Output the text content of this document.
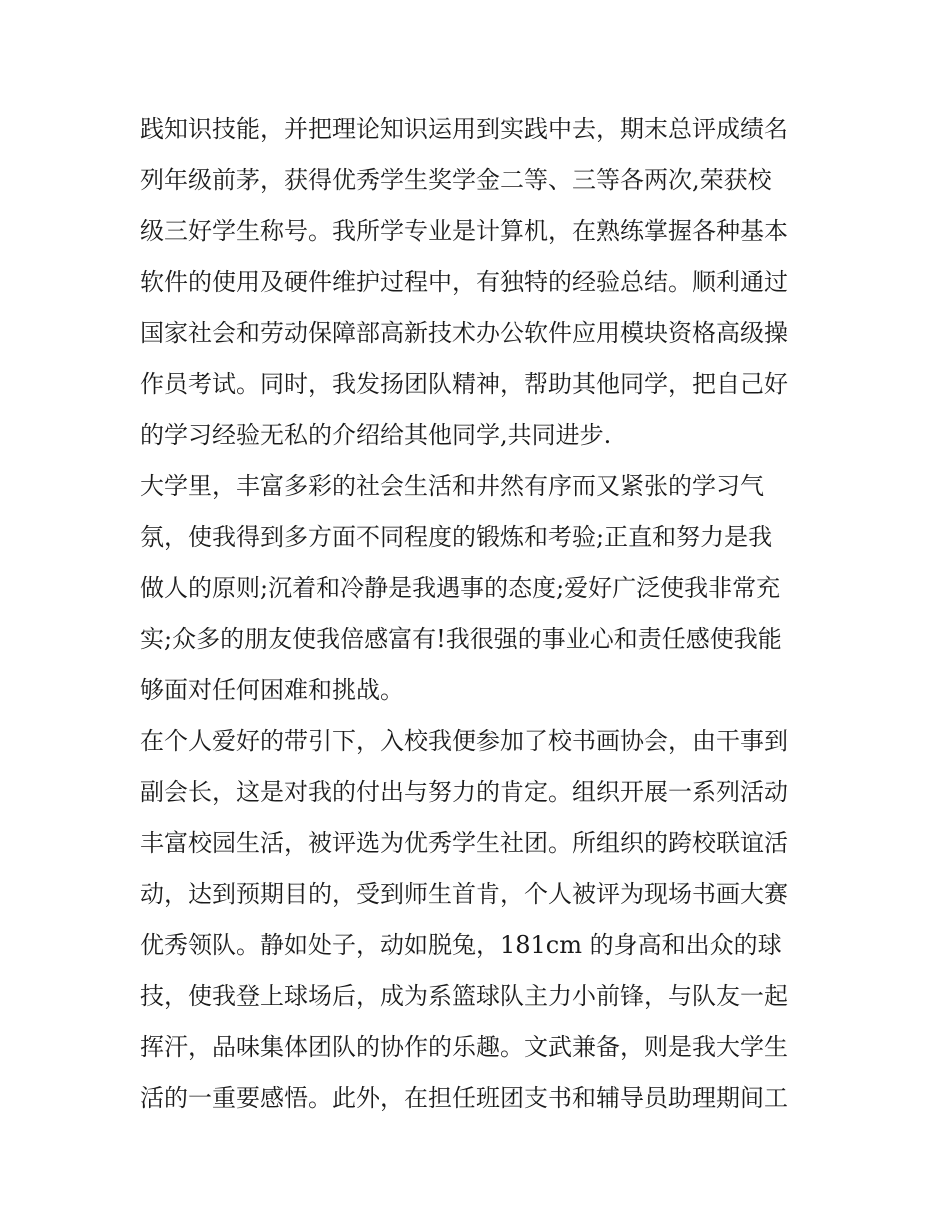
践知识技能，并把理论知识运用到实践中去，期末总评成绩名
列年级前茅，获得优秀学生奖学金二等、三等各两次,荣获校
级三好学生称号。我所学专业是计算机，在熟练掌握各种基本
软件的使用及硬件维护过程中，有独特的经验总结。顺利通过
国家社会和劳动保障部高新技术办公软件应用模块资格高级操
作员考试。同时，我发扬团队精神，帮助其他同学，把自己好
的学习经验无私的介绍给其他同学,共同进步.
大学里，丰富多彩的社会生活和井然有序而又紧张的学习气
氛，使我得到多方面不同程度的锻炼和考验;正直和努力是我
做人的原则;沉着和冷静是我遇事的态度;爱好广泛使我非常充
实;众多的朋友使我倍感富有!我很强的事业心和责任感使我能
够面对任何困难和挑战。
在个人爱好的带引下，入校我便参加了校书画协会，由干事到
副会长，这是对我的付出与努力的肯定。组织开展一系列活动
丰富校园生活，被评选为优秀学生社团。所组织的跨校联谊活
动，达到预期目的，受到师生首肯，个人被评为现场书画大赛
优秀领队。静如处子，动如脱兔，181cm 的身高和出众的球
技，使我登上球场后，成为系篮球队主力小前锋，与队友一起
挥汗，品味集体团队的协作的乐趣。文武兼备，则是我大学生
活的一重要感悟。此外，在担任班团支书和辅导员助理期间工
